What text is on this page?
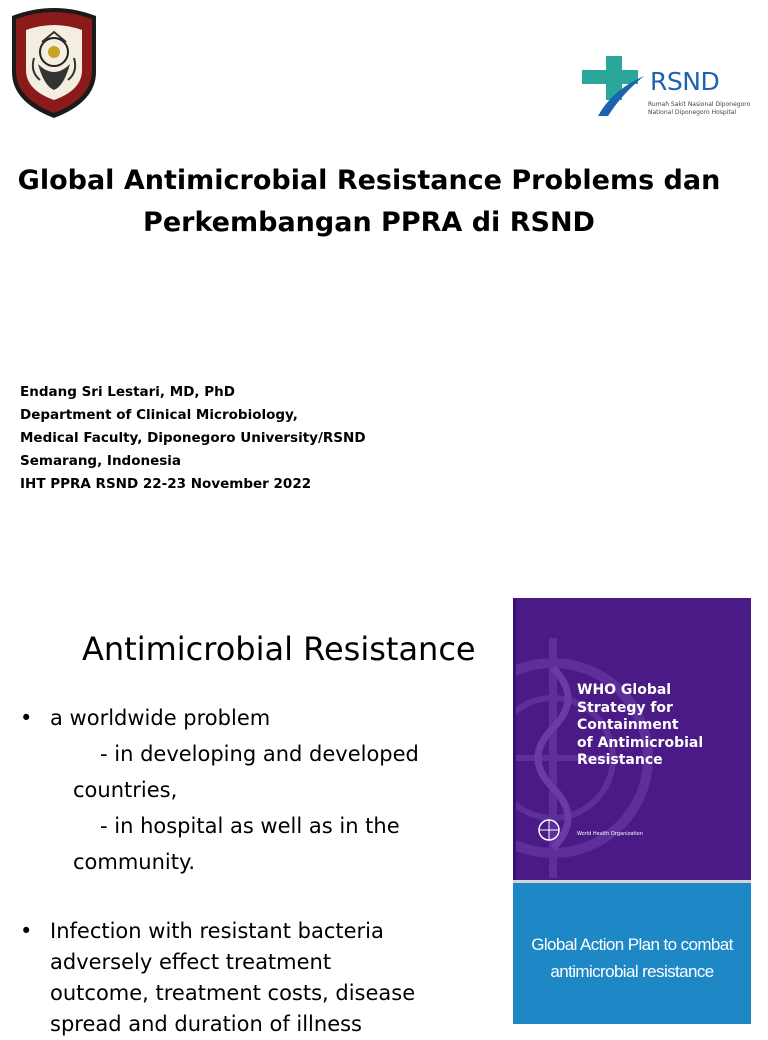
RSND
Rumah Sakit Nasional Diponegoro
National Diponegoro Hospital
Global Antimicrobial Resistance Problems dan
Perkembangan PPRA di RSND
Endang Sri Lestari, MD, PhD
Department of Clinical Microbiology,
Medical Faculty, Diponegoro University/RSND
Semarang, Indonesia
IHT PPRA RSND 22-23 November 2022
Antimicrobial Resistance
• a worldwide problem
- in developing and developed
countries,
- in hospital as well as in the
community.
• Infection with resistant bacteria
adversely effect treatment
outcome, treatment costs, disease
spread and duration of illness
WHO Global
Strategy for
Containment
of Antimicrobial
Resistance
World Health Organization
Global Action Plan to combat
antimicrobial resistance
